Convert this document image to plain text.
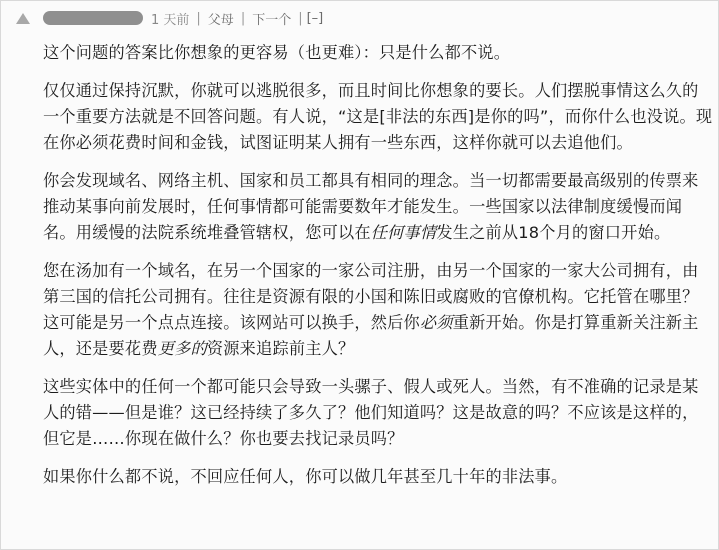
1 天前 | 父母 | 下一个 | [–]

这个问题的答案比你想象的更容易（也更难）：只是什么都不说。

仅仅通过保持沉默，你就可以逃脱很多，而且时间比你想象的要长。人们摆脱事情这么久的一个重要方法就是不回答问题。有人说，“这是[非法的东西]是你的吗”，而你什么也没说。现在你必须花费时间和金钱，试图证明某人拥有一些东西，这样你就可以去追他们。

你会发现域名、网络主机、国家和员工都具有相同的理念。当一切都需要最高级别的传票来推动某事向前发展时，任何事情都可能需要数年才能发生。一些国家以法律制度缓慢而闻名。用缓慢的法院系统堆叠管辖权，您可以在任何事情发生之前从18个月的窗口开始。

您在汤加有一个域名，在另一个国家的一家公司注册，由另一个国家的一家大公司拥有，由第三国的信托公司拥有。往往是资源有限的小国和陈旧或腐败的官僚机构。它托管在哪里？这可能是另一个点点连接。该网站可以换手，然后你必须重新开始。你是打算重新关注新主人，还是要花费更多的资源来追踪前主人？

这些实体中的任何一个都可能只会导致一头骡子、假人或死人。当然，有不准确的记录是某人的错——但是谁？这已经持续了多久了？他们知道吗？这是故意的吗？不应该是这样的，但它是……你现在做什么？你也要去找记录员吗？

如果你什么都不说，不回应任何人，你可以做几年甚至几十年的非法事。
